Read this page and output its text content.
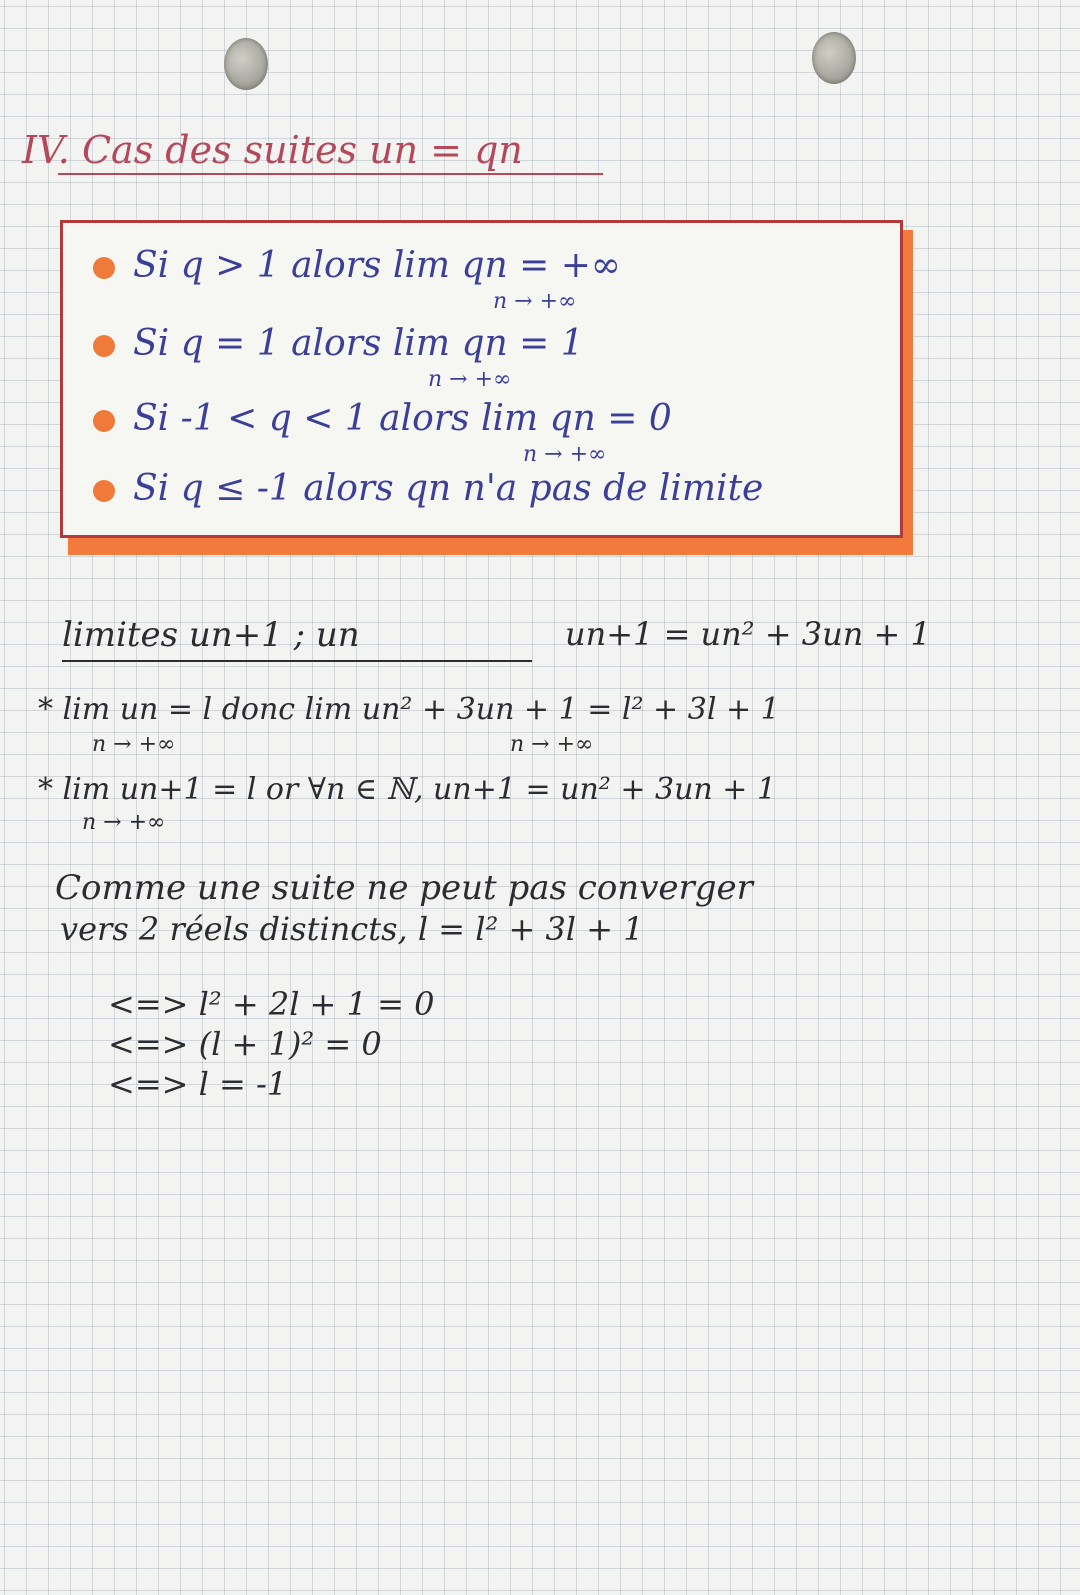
IV. Cas des suites un = qn
Si q > 1 alors lim qn = +∞
n → +∞
Si q = 1 alors lim qn = 1
n → +∞
Si -1 < q < 1 alors lim qn = 0
n → +∞
Si q ≤ -1 alors qn n'a pas de limite
limites un+1 ; un	un+1 = un² + 3un + 1
* lim un = l donc lim un² + 3un + 1 = l² + 3l + 1
n → +∞	n → +∞
* lim un+1 = l or ∀n ∈ ℕ, un+1 = un² + 3un + 1
n → +∞
Comme une suite ne peut pas converger
vers 2 réels distincts, l = l² + 3l + 1
<=> l² + 2l + 1 = 0
<=> (l + 1)² = 0
<=> l = -1
